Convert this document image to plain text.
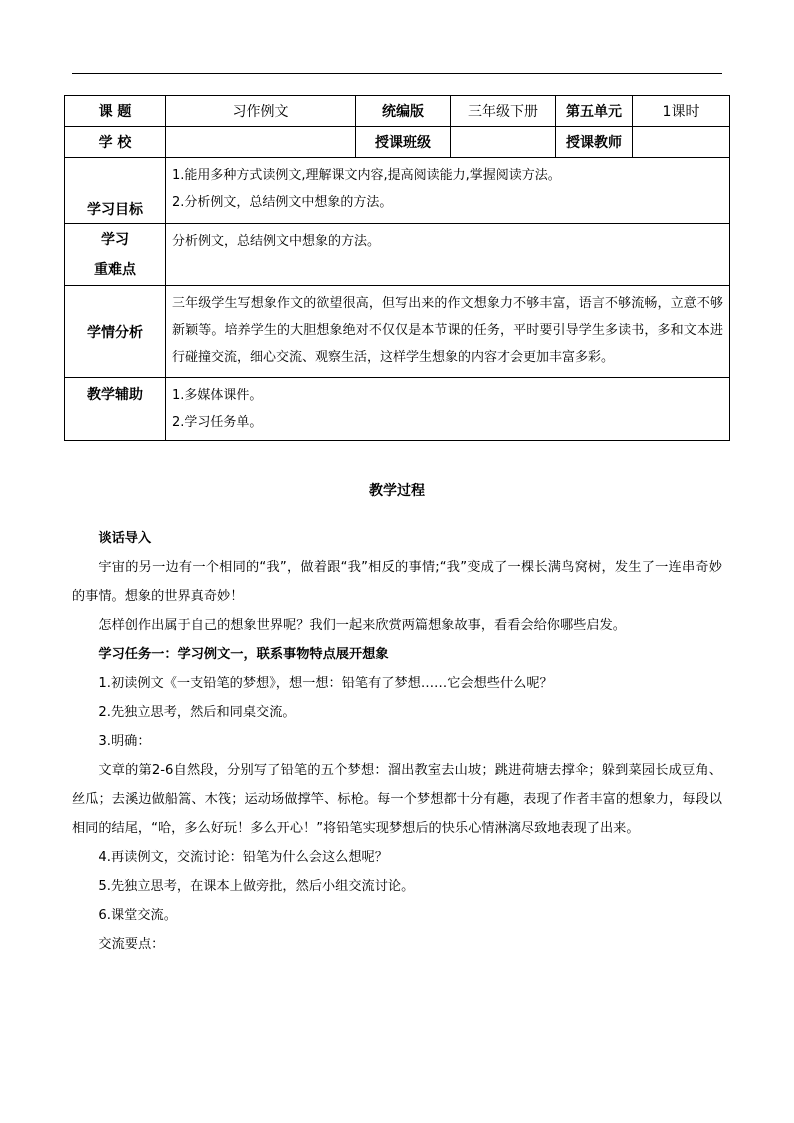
课 题	习作例文	统编版	三年级下册	第五单元	1课时
学 校		授课班级		授课教师	
学习目标	1.能用多种方式读例文,理解课文内容,提高阅读能力,掌握阅读方法。

2.分析例文，总结例文中想象的方法。				

学习
重难点	分析例文，总结例文中想象的方法。				

学情分析	三年级学生写想象作文的欲望很高，但写出来的作文想象力不够丰富，语言不够流畅，立意不够新颖等。培养学生的大胆想象绝对不仅仅是本节课的任务，平时要引导学生多读书，多和文本进行碰撞交流，细心交流、观察生活，这样学生想象的内容才会更加丰富多彩。				

教学辅助	1.多媒体课件。

2.学习任务单。				

教学过程

谈话导入

宇宙的另一边有一个相同的“我”，做着跟“我”相反的事情;“我”变成了一棵长满鸟窝树，发生了一连串奇妙的事情。想象的世界真奇妙！

怎样创作出属于自己的想象世界呢？我们一起来欣赏两篇想象故事，看看会给你哪些启发。

学习任务一：学习例文一，联系事物特点展开想象

1.初读例文《一支铅笔的梦想》，想一想：铅笔有了梦想……它会想些什么呢？

2.先独立思考，然后和同桌交流。

3.明确：

文章的第2-6自然段，分别写了铅笔的五个梦想：溜出教室去山坡；跳进荷塘去撑伞；躲到菜园长成豆角、丝瓜；去溪边做船篙、木筏；运动场做撑竿、标枪。每一个梦想都十分有趣，表现了作者丰富的想象力，每段以相同的结尾，“哈，多么好玩！多么开心！”将铅笔实现梦想后的快乐心情淋漓尽致地表现了出来。

4.再读例文，交流讨论：铅笔为什么会这么想呢？

5.先独立思考，在课本上做旁批，然后小组交流讨论。

6.课堂交流。

交流要点：
